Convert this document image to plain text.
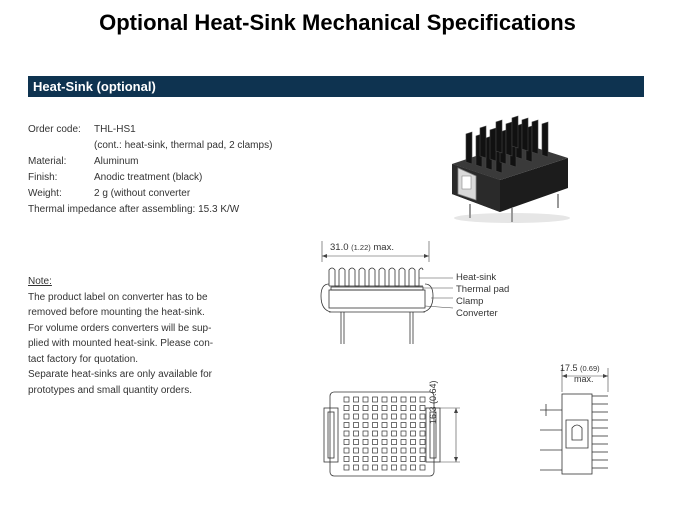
Optional Heat-Sink Mechanical Specifications
Heat-Sink (optional)
Order code:	THL-HS1
(cont.: heat-sink, thermal pad, 2 clamps)
Material:	Aluminum
Finish:	Anodic treatment (black)
Weight:	2 g (without converter
Thermal impedance after assembling: 15.3 K/W
Note:
The product label on converter has to be
removed before mounting the heat-sink.
For volume orders converters will be sup-
plied with mounted heat-sink. Please con-
tact factory for quotation.
Separate heat-sinks are only available for
prototypes and small quantity orders.
31.0 (1.22) max.
Heat-sink
Thermal pad
Clamp
Converter
16.3 (0.64)
17.5 (0.69)
max.
